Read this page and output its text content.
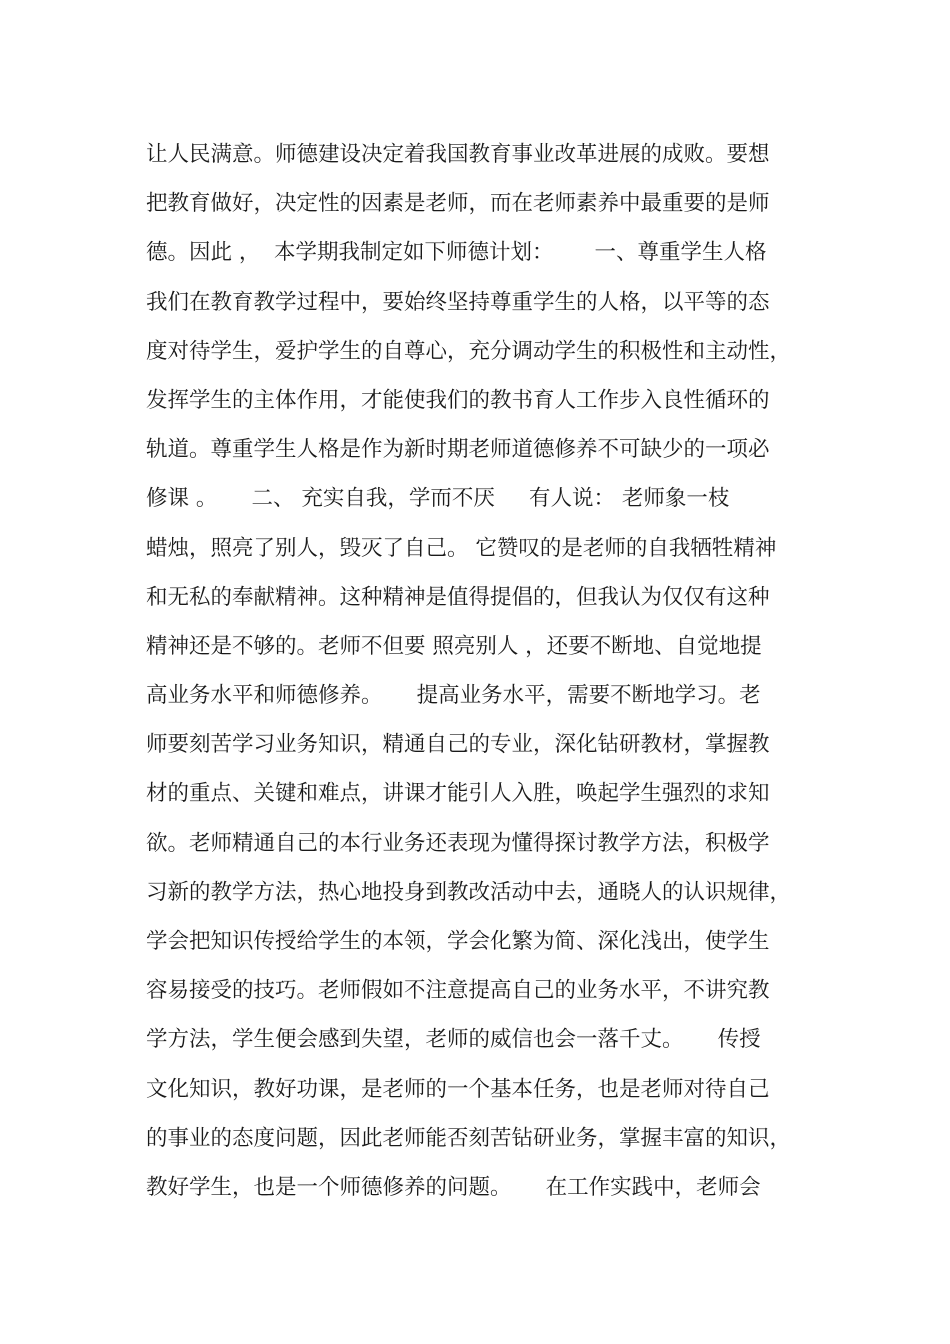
让人民满意。师德建设决定着我国教育事业改革进展的成败。要想
把教育做好，决定性的因素是老师，而在老师素养中最重要的是师
德。因此 ，  本学期我制定如下师德计划：      一、尊重学生人格
我们在教育教学过程中，要始终坚持尊重学生的人格，以平等的态
度对待学生，爱护学生的自尊心，充分调动学生的积极性和主动性，
发挥学生的主体作用，才能使我们的教书育人工作步入良性循环的
轨道。尊重学生人格是作为新时期老师道德修养不可缺少的一项必
修课 。     二、 充实自我，学而不厌     有人说： 老师象一枝
蜡烛，照亮了别人，毁灭了自己。 它赞叹的是老师的自我牺牲精神
和无私的奉献精神。这种精神是值得提倡的，但我认为仅仅有这种
精神还是不够的。老师不但要 照亮别人 ，还要不断地、自觉地提
高业务水平和师德修养。     提高业务水平，需要不断地学习。老
师要刻苦学习业务知识，精通自己的专业，深化钻研教材，掌握教
材的重点、关键和难点，讲课才能引人入胜，唤起学生强烈的求知
欲。老师精通自己的本行业务还表现为懂得探讨教学方法，积极学
习新的教学方法，热心地投身到教改活动中去，通晓人的认识规律，
学会把知识传授给学生的本领，学会化繁为简、深化浅出，使学生
容易接受的技巧。老师假如不注意提高自己的业务水平，不讲究教
学方法，学生便会感到失望，老师的威信也会一落千丈。     传授
文化知识，教好功课，是老师的一个基本任务，也是老师对待自己
的事业的态度问题，因此老师能否刻苦钻研业务，掌握丰富的知识，
教好学生，也是一个师德修养的问题。     在工作实践中，老师会
